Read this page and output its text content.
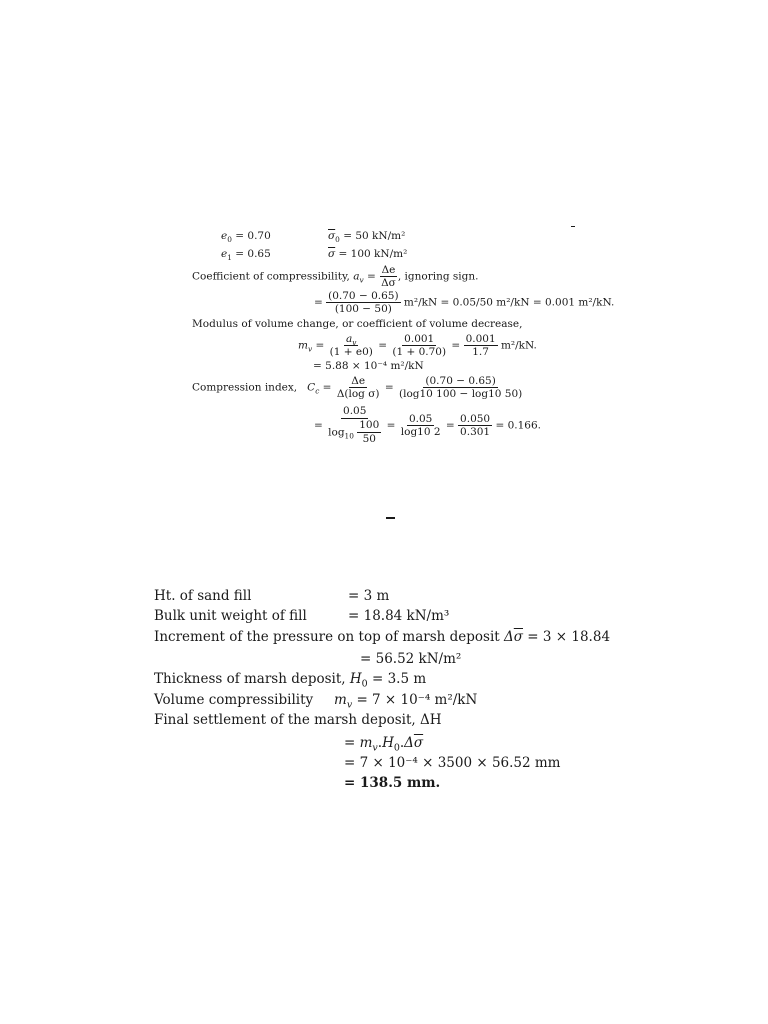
$e_0 = 0.70$	$\overline{\sigma}_0 = 50$ kN/m²
$e_1 = 0.65$	$\overline{\sigma} = 100$ kN/m²
Coefficient of compressibility, $a_v = \frac{\Delta e}{\Delta\sigma}$ , ignoring sign.
= $\frac{(0.70 - 0.65)}{(100 - 50)} m^2/kN = 0.05/50$ m²/kN = 0.001 m²/kN.
Modulus of volume change, or coefficient of volume decrease,
$m_v = \frac{a_v}{(1 + e0)} = \frac{0.001}{(1 + 0.70)} = \frac{0.001}{1.7} m^2/kN$.
= 5.88 × 10⁻⁴ m²/kN
Compression index, $C_c = \frac{\Delta e}{\text{Δ(log σ)}} = \frac{(0.70 - 0.65)}{(\log 10 100 - \log 10 50)}$
= $\frac{0.05}{\log_{10} \frac{100}{50}} = \frac{0.05}{\log 10 2} = \frac{0.050}{0.301} = 0.166$.
Ht. of sand fill	= 3 m
Bulk unit weight of fill	= 18.84 kN/m³
Increment of the pressure on top of marsh deposit $\Delta\overline{\sigma} = 3 \times 18.84$
= 56.52 kN/m²
Thickness of marsh deposit, $H_0 = 3.5$ m
Volume compressibility $m_v = 7 \times 10^{-4}$ m²/kN
Final settlement of the marsh deposit, ΔH
= $m_v.H_0.\Delta\overline{\sigma}$
= 7 × 10⁻⁴ × 3500 × 56.52 mm
= 138.5 mm.
